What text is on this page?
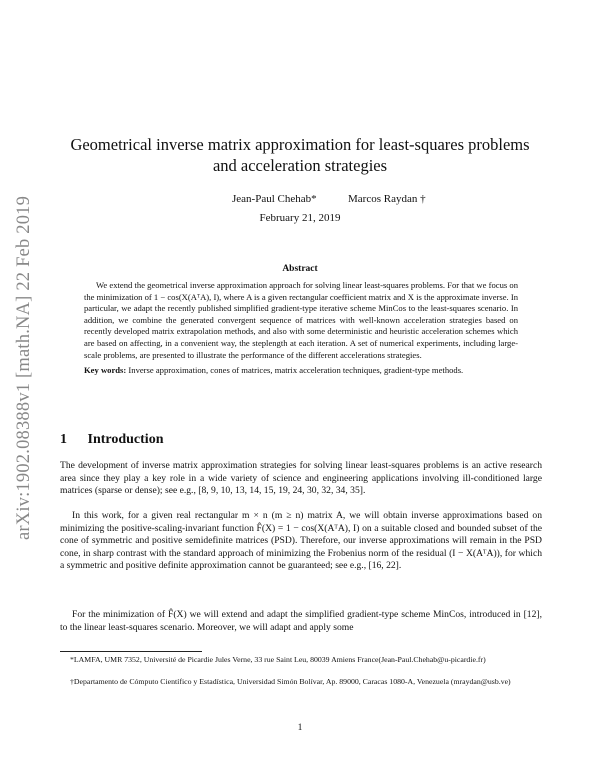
arXiv:1902.08388v1 [math.NA] 22 Feb 2019
Geometrical inverse matrix approximation for least-squares problems and acceleration strategies
Jean-Paul Chehab*	Marcos Raydan †
February 21, 2019
Abstract
We extend the geometrical inverse approximation approach for solving linear least-squares problems. For that we focus on the minimization of 1 − cos(X(AᵀA), I), where A is a given rectangular coefficient matrix and X is the approximate inverse. In particular, we adapt the recently published simplified gradient-type iterative scheme MinCos to the least-squares scenario. In addition, we combine the generated convergent sequence of matrices with well-known acceleration strategies based on recently developed matrix extrapolation methods, and also with some deterministic and heuristic acceleration schemes which are based on affecting, in a convenient way, the steplength at each iteration. A set of numerical experiments, including large-scale problems, are presented to illustrate the performance of the different accelerations strategies.
Key words: Inverse approximation, cones of matrices, matrix acceleration techniques, gradient-type methods.
1 Introduction
The development of inverse matrix approximation strategies for solving linear least-squares problems is an active research area since they play a key role in a wide variety of science and engineering applications involving ill-conditioned large matrices (sparse or dense); see e.g., [8, 9, 10, 13, 14, 15, 19, 24, 30, 32, 34, 35].
In this work, for a given real rectangular m × n (m ≥ n) matrix A, we will obtain inverse approximations based on minimizing the positive-scaling-invariant function F̂(X) = 1 − cos(X(AᵀA), I) on a suitable closed and bounded subset of the cone of symmetric and positive semidefinite matrices (PSD). Therefore, our inverse approximations will remain in the PSD cone, in sharp contrast with the standard approach of minimizing the Frobenius norm of the residual (I − X(AᵀA)), for which a symmetric and positive definite approximation cannot be guaranteed; see e.g., [16, 22].
For the minimization of F̂(X) we will extend and adapt the simplified gradient-type scheme MinCos, introduced in [12], to the linear least-squares scenario. Moreover, we will adapt and apply some
*LAMFA, UMR 7352, Université de Picardie Jules Verne, 33 rue Saint Leu, 80039 Amiens France(Jean-Paul.Chehab@u-picardie.fr)
†Departamento de Cómputo Científico y Estadística, Universidad Simón Bolívar, Ap. 89000, Caracas 1080-A, Venezuela (mraydan@usb.ve)
1
